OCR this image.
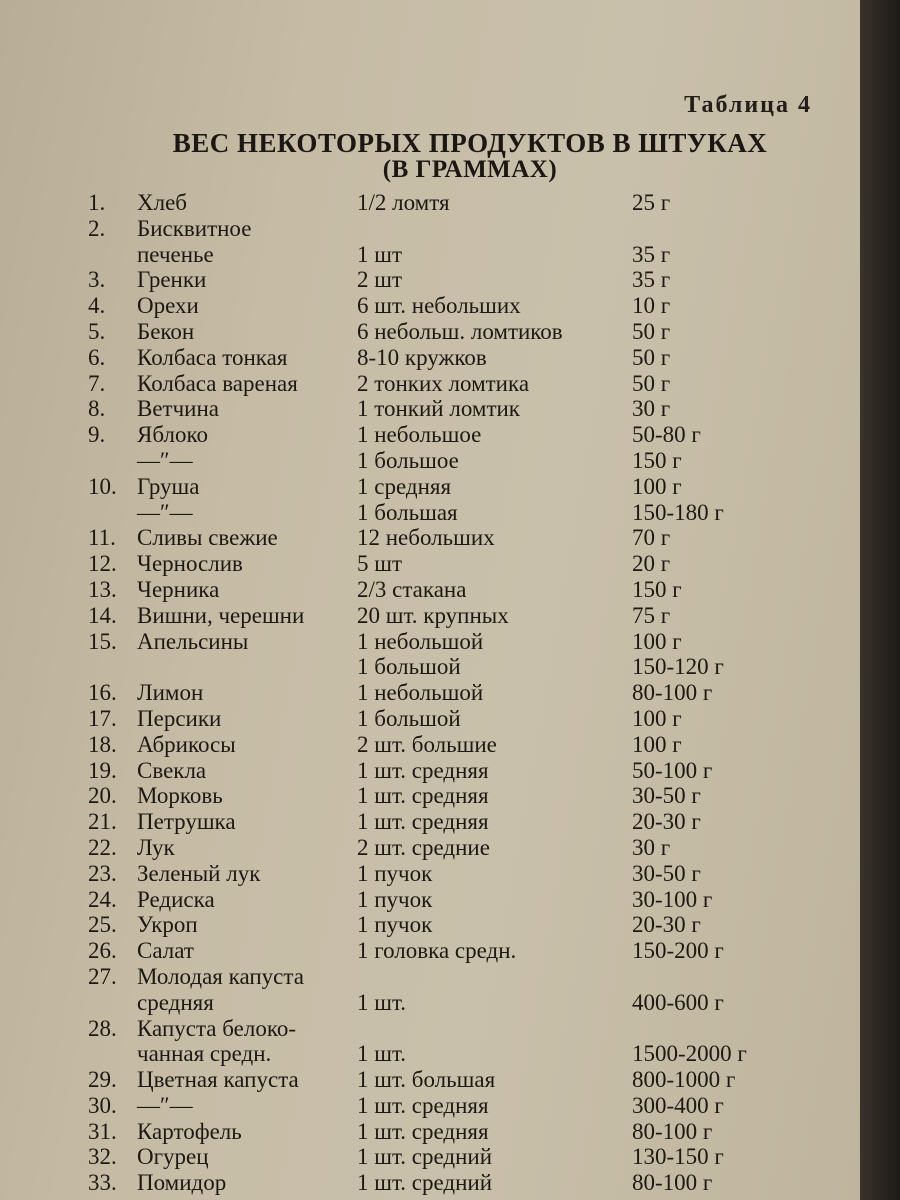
Таблица 4
ВЕС НЕКОТОРЫХ ПРОДУКТОВ В ШТУКАХ
(В ГРАММАХ)
1. Хлеб	1/2 ломтя	25 г
2. Бисквитное
печенье	1 шт	35 г
3. Гренки	2 шт	35 г
4. Орехи	6 шт. небольших	10 г
5. Бекон	6 небольш. ломтиков	50 г
6. Колбаса тонкая	8-10 кружков	50 г
7. Колбаса вареная	2 тонких ломтика	50 г
8. Ветчина	1 тонкий ломтик	30 г
9. Яблоко	1 небольшое	50-80 г
—″—	1 большое	150 г
10. Груша	1 средняя	100 г
—″—	1 большая	150-180 г
11. Сливы свежие	12 небольших	70 г
12. Чернослив	5 шт	20 г
13. Черника	2/3 стакана	150 г
14. Вишни, черешни 20 шт. крупных	75 г
15. Апельсины	1 небольшой	100 г
1 большой	150-120 г
16. Лимон	1 небольшой	80-100 г
17. Персики	1 большой	100 г
18. Абрикосы	2 шт. большие	100 г
19. Свекла	1 шт. средняя	50-100 г
20. Морковь	1 шт. средняя	30-50 г
21. Петрушка	1 шт. средняя	20-30 г
22. Лук	2 шт. средние	30 г
23. Зеленый лук	1 пучок	30-50 г
24. Редиска	1 пучок	30-100 г
25. Укроп	1 пучок	20-30 г
26. Салат	1 головка средн.	150-200 г
27. Молодая капуста
средняя	1 шт.	400-600 г
28. Капуста белоко-
чанная средн.	1 шт.	1500-2000 г
29. Цветная капуста	1 шт. большая	800-1000 г
30. —″—	1 шт. средняя	300-400 г
31. Картофель	1 шт. средняя	80-100 г
32. Огурец	1 шт. средний	130-150 г
33. Помидор	1 шт. средний	80-100 г
